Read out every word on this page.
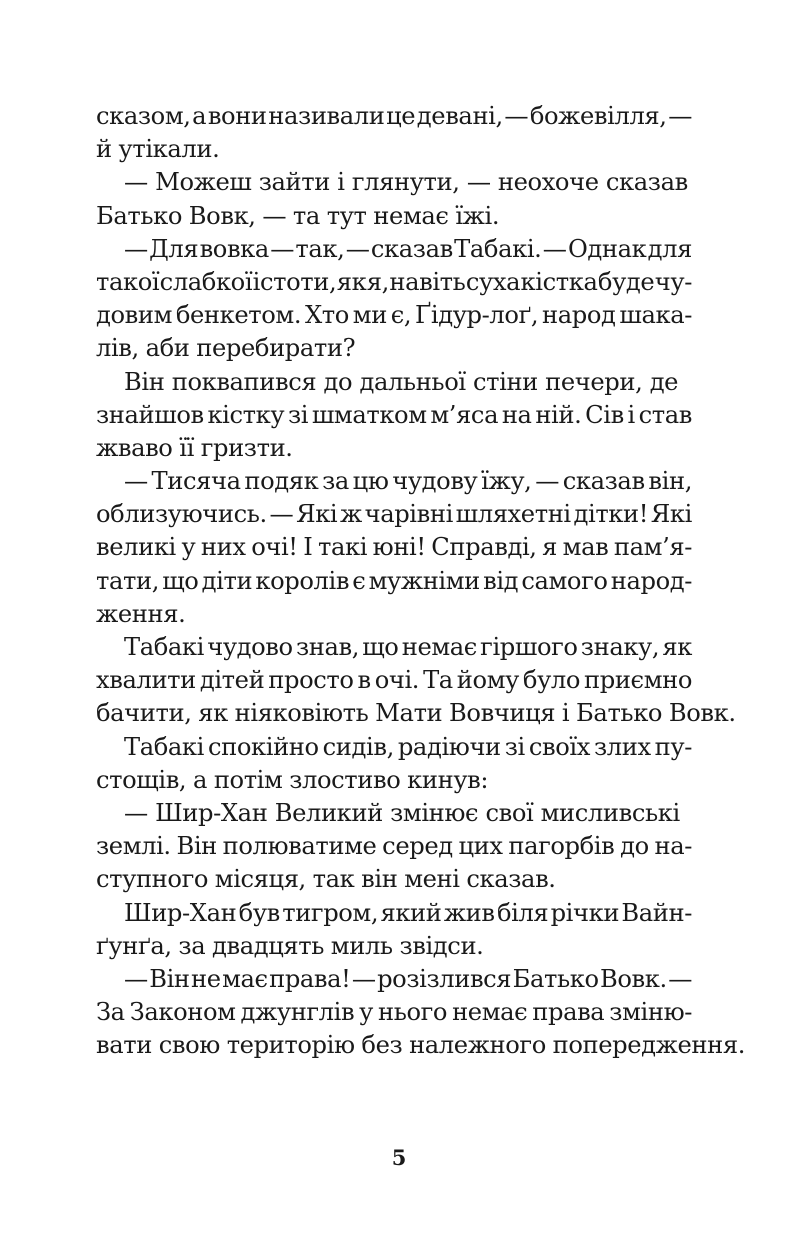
сказом, а вони називали це девані, — божевілля, —
й утікали.
— Можеш зайти і глянути, — неохоче сказав
Батько Вовк, — та тут немає їжі.
— Для вовка — так, — сказав Табакі. — Однак для
такої слабкої істоти, як я, навіть суха кістка буде чу-
довим бенкетом. Хто ми є, Ґідур-лоґ, народ шака-
лів, аби перебирати?
Він поквапився до дальньої стіни печери, де
знайшов кістку зі шматком м’яса на ній. Сів і став
жваво її гризти.
— Тисяча подяк за цю чудову їжу, — сказав він,
облизуючись. — Які ж чарівні шляхетні дітки! Які
великі у них очі! І такі юні! Справді, я мав пам’я-
тати, що діти королів є мужніми від самого народ-
ження.
Табакі чудово знав, що немає гіршого знаку, як
хвалити дітей просто в очі. Та йому було приємно
бачити, як ніяковіють Мати Вовчиця і Батько Вовк.
Табакі спокійно сидів, радіючи зі своїх злих пу-
стощів, а потім злостиво кинув:
— Шир-Хан Великий змінює свої мисливські
землі. Він полюватиме серед цих пагорбів до на-
ступного місяця, так він мені сказав.
Шир-Хан був тигром, який жив біля річки Вайн-
ґунґа, за двадцять миль звідси.
— Він не має права! — розізлився Батько Вовк. —
За Законом джунглів у нього немає права зміню-
вати свою територію без належного попередження.
5
